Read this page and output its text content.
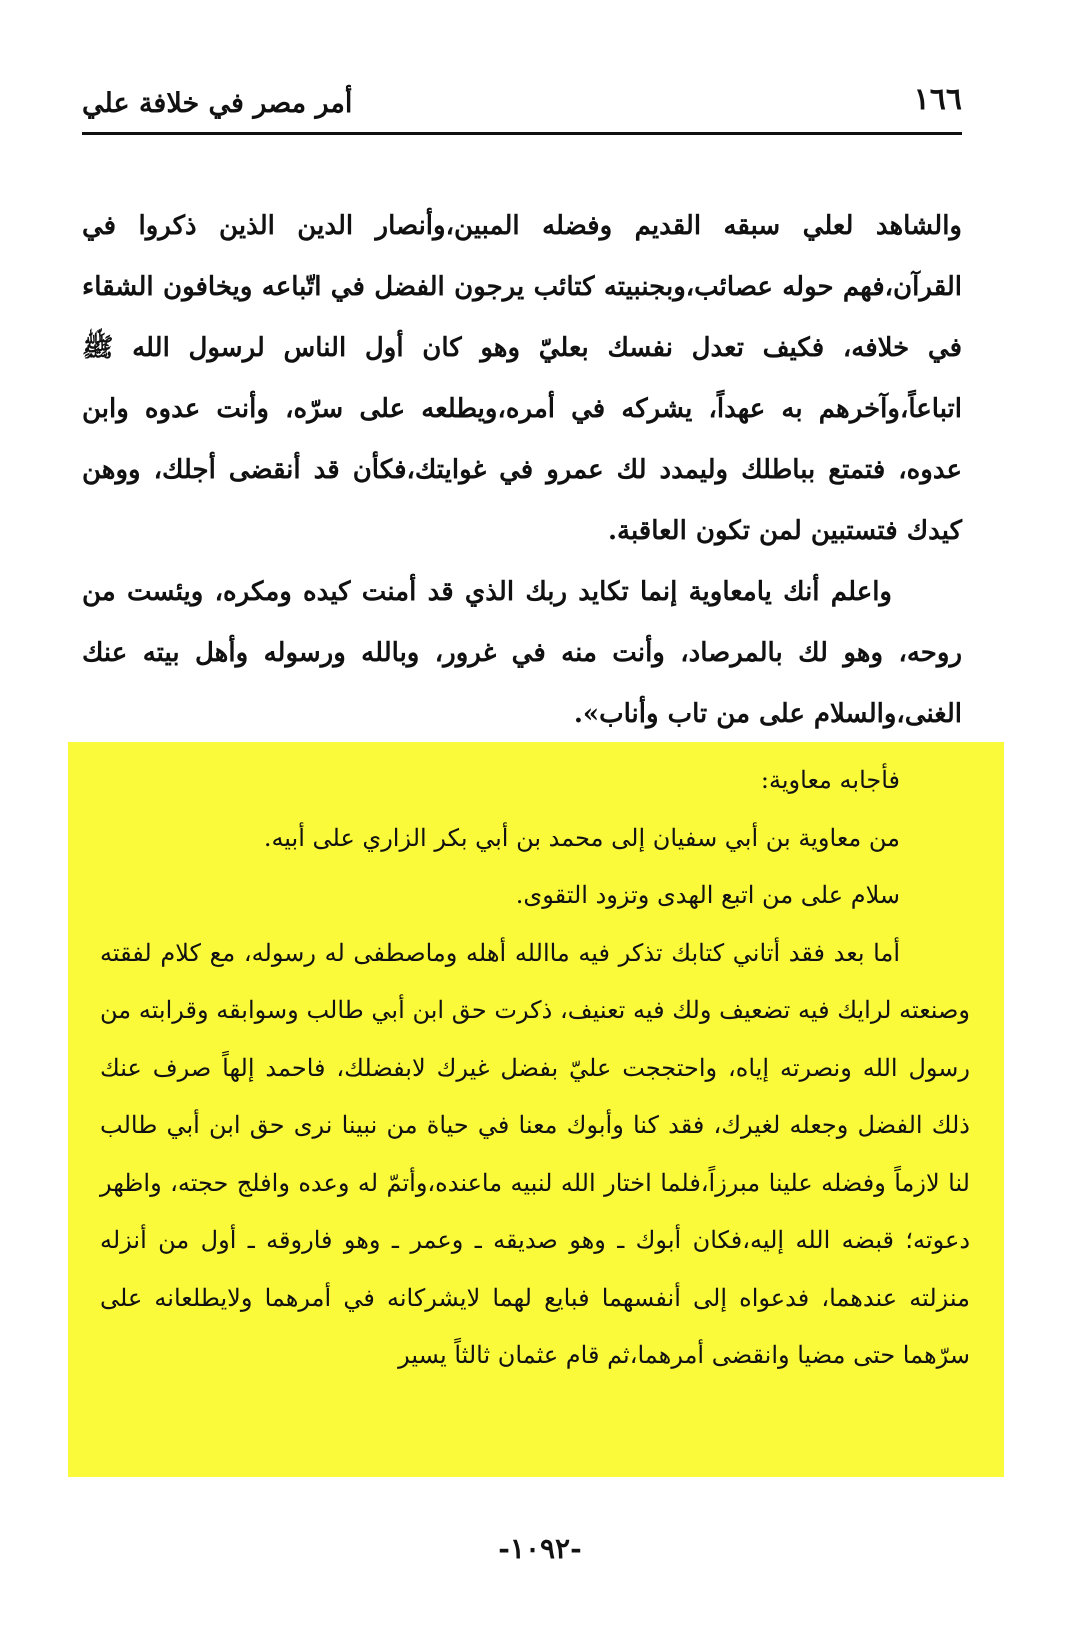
١٦٦
أمر مصر في خلافة علي

والشاهد لعلي سبقه القديم وفضله المبين،وأنصار الدين الذين ذكروا في القرآن،فهم حوله عصائب،وبجنبيته كتائب يرجون الفضل في اتّباعه ويخافون الشقاء في خلافه، فكيف تعدل نفسك بعليّ وهو كان أول الناس لرسول الله ﷺ اتباعاً،وآخرهم به عهداً، يشركه في أمره،ويطلعه على سرّه، وأنت عدوه وابن عدوه، فتمتع بباطلك وليمدد لك عمرو في غوايتك،فكأن قد أنقضى أجلك، ووهن كيدك فتستبين لمن تكون العاقبة.

واعلم أنك يامعاوية إنما تكايد ربك الذي قد أمنت كيده ومكره، ويئست من روحه، وهو لك بالمرصاد، وأنت منه في غرور، وبالله ورسوله وأهل بيته عنك الغنى،والسلام على من تاب وأناب».

فأجابه معاوية:

من معاوية بن أبي سفيان إلى محمد بن أبي بكر الزاري على أبيه.

سلام على من اتبع الهدى وتزود التقوى.

أما بعد فقد أتاني كتابك تذكر فيه ماالله أهله وماصطفى له رسوله، مع كلام لفقته وصنعته لرايك فيه تضعيف ولك فيه تعنيف، ذكرت حق ابن أبي طالب وسوابقه وقرابته من رسول الله ونصرته إياه، واحتججت عليّ بفضل غيرك لابفضلك، فاحمد إلهاً صرف عنك ذلك الفضل وجعله لغيرك، فقد كنا وأبوك معنا في حياة من نبينا نرى حق ابن أبي طالب لنا لازماً وفضله علينا مبرزاً،فلما اختار الله لنبيه ماعنده،وأتمّ له وعده وافلج حجته، واظهر دعوته؛ قبضه الله إليه،فكان أبوك ـ وهو صديقه ـ وعمر ـ وهو فاروقه ـ أول من أنزله منزلته عندهما، فدعواه إلى أنفسهما فبايع لهما لايشركانه في أمرهما ولايطلعانه على سرّهما حتى مضيا وانقضى أمرهما،ثم قام عثمان ثالثاً يسير

-١٠٩٢-
